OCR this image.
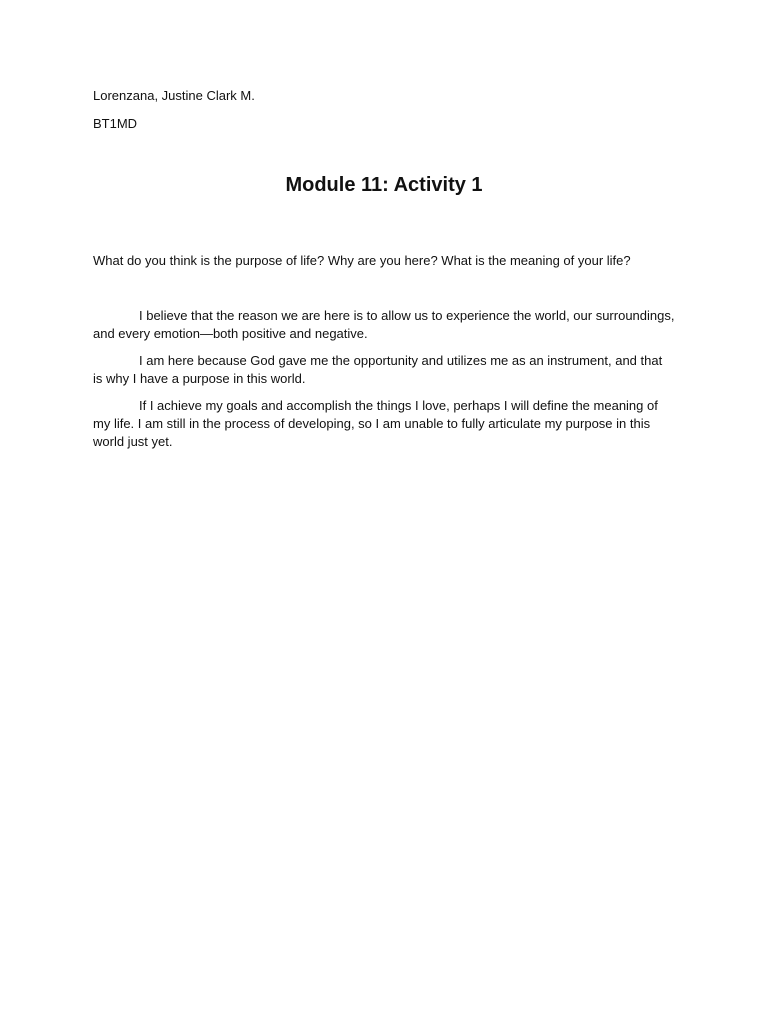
Lorenzana, Justine Clark M.
BT1MD
Module 11: Activity 1

What do you think is the purpose of life? Why are you here? What is the meaning of your life?

I believe that the reason we are here is to allow us to experience the world, our surroundings, and every emotion—both positive and negative.

I am here because God gave me the opportunity and utilizes me as an instrument, and that is why I have a purpose in this world.

If I achieve my goals and accomplish the things I love, perhaps I will define the meaning of my life. I am still in the process of developing, so I am unable to fully articulate my purpose in this world just yet.
